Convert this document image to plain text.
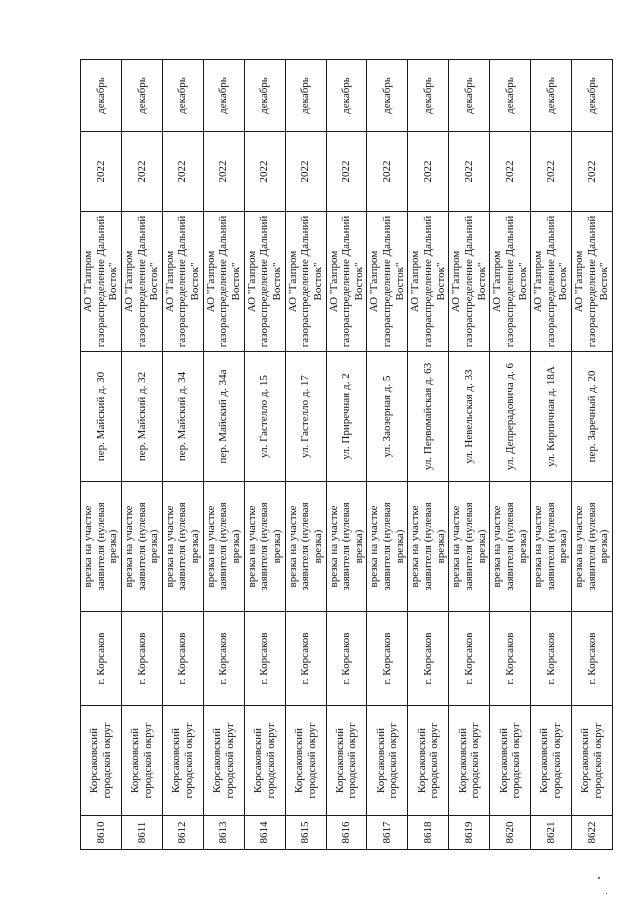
8610	Корсаковский городской округ	г. Корсаков	врезка на участке заявителя (нулевая врезка)	пер. Майский д. 30	АО "Газпром газораспределение Дальний Восток"	2022	декабрь
8611	Корсаковский городской округ	г. Корсаков	врезка на участке заявителя (нулевая врезка)	пер. Майский д. 32	АО "Газпром газораспределение Дальний Восток"	2022	декабрь
8612	Корсаковский городской округ	г. Корсаков	врезка на участке заявителя (нулевая врезка)	пер. Майский д. 34	АО "Газпром газораспределение Дальний Восток"	2022	декабрь
8613	Корсаковский городской округ	г. Корсаков	врезка на участке заявителя (нулевая врезка)	пер. Майский д. 34а	АО "Газпром газораспределение Дальний Восток"	2022	декабрь
8614	Корсаковский городской округ	г. Корсаков	врезка на участке заявителя (нулевая врезка)	ул. Гастелло д. 15	АО "Газпром газораспределение Дальний Восток"	2022	декабрь
8615	Корсаковский городской округ	г. Корсаков	врезка на участке заявителя (нулевая врезка)	ул. Гастелло д. 17	АО "Газпром газораспределение Дальний Восток"	2022	декабрь
8616	Корсаковский городской округ	г. Корсаков	врезка на участке заявителя (нулевая врезка)	ул. Приречная д. 2	АО "Газпром газораспределение Дальний Восток"	2022	декабрь
8617	Корсаковский городской округ	г. Корсаков	врезка на участке заявителя (нулевая врезка)	ул. Заозерная д. 5	АО "Газпром газораспределение Дальний Восток"	2022	декабрь
8618	Корсаковский городской округ	г. Корсаков	врезка на участке заявителя (нулевая врезка)	ул. Первомайская д. 63	АО "Газпром газораспределение Дальний Восток"	2022	декабрь
8619	Корсаковский городской округ	г. Корсаков	врезка на участке заявителя (нулевая врезка)	ул. Невельская д. 33	АО "Газпром газораспределение Дальний Восток"	2022	декабрь
8620	Корсаковский городской округ	г. Корсаков	врезка на участке заявителя (нулевая врезка)	ул. Депрерадовича д. 6	АО "Газпром газораспределение Дальний Восток"	2022	декабрь
8621	Корсаковский городской округ	г. Корсаков	врезка на участке заявителя (нулевая врезка)	ул. Кирпичная д. 18А	АО "Газпром газораспределение Дальний Восток"	2022	декабрь
8622	Корсаковский городской округ	г. Корсаков	врезка на участке заявителя (нулевая врезка)	пер. Заречный д. 20	АО "Газпром газораспределение Дальний Восток"	2022	декабрь
